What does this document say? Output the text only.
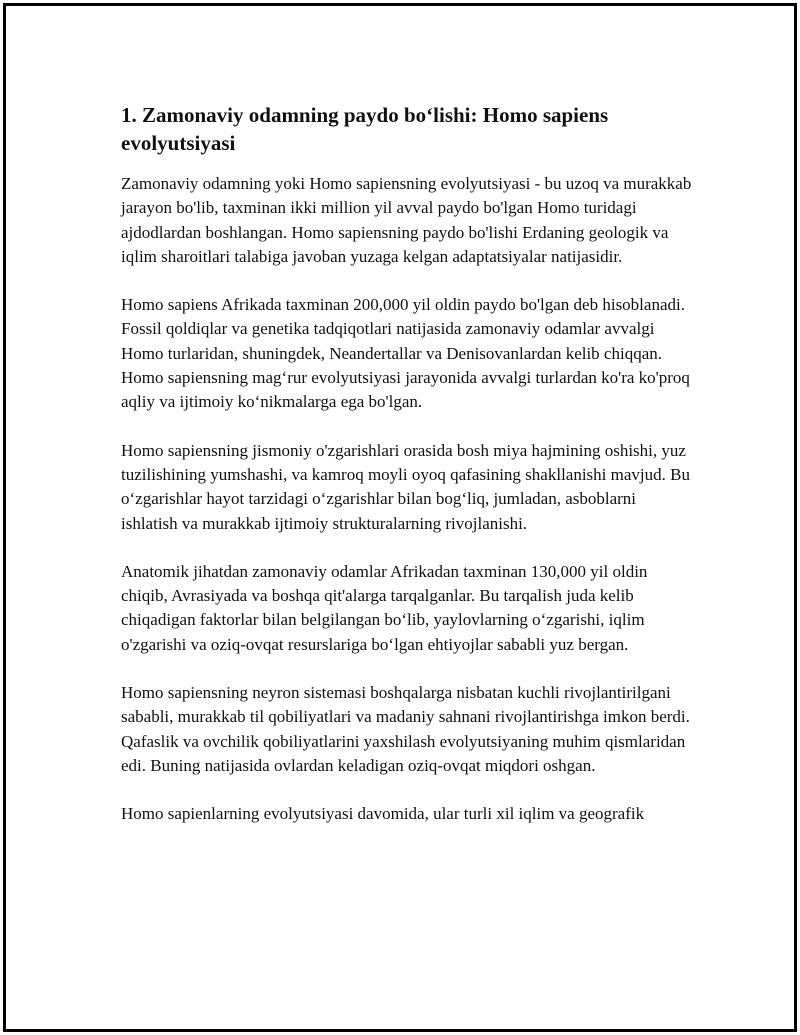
1. Zamonaviy odamning paydo bo‘lishi: Homo sapiens evolyutsiyasi

Zamonaviy odamning yoki Homo sapiensning evolyutsiyasi - bu uzoq va murakkab jarayon bo'lib, taxminan ikki million yil avval paydo bo'lgan Homo turidagi ajdodlardan boshlangan. Homo sapiensning paydo bo'lishi Erdaning geologik va iqlim sharoitlari talabiga javoban yuzaga kelgan adaptatsiyalar natijasidir.

Homo sapiens Afrikada taxminan 200,000 yil oldin paydo bo'lgan deb hisoblanadi. Fossil qoldiqlar va genetika tadqiqotlari natijasida zamonaviy odamlar avvalgi Homo turlaridan, shuningdek, Neandertallar va Denisovanlardan kelib chiqqan. Homo sapiensning mag‘rur evolyutsiyasi jarayonida avvalgi turlardan ko'ra ko'proq aqliy va ijtimoiy ko‘nikmalarga ega bo'lgan.

Homo sapiensning jismoniy o'zgarishlari orasida bosh miya hajmining oshishi, yuz tuzilishining yumshashi, va kamroq moyli oyoq qafasining shakllanishi mavjud. Bu o‘zgarishlar hayot tarzidagi o‘zgarishlar bilan bog‘liq, jumladan, asboblarni ishlatish va murakkab ijtimoiy strukturalarning rivojlanishi.

Anatomik jihatdan zamonaviy odamlar Afrikadan taxminan 130,000 yil oldin chiqib, Avrasiyada va boshqa qit'alarga tarqalganlar. Bu tarqalish juda kelib chiqadigan faktorlar bilan belgilangan bo‘lib, yaylovlarning o‘zgarishi, iqlim o'zgarishi va oziq-ovqat resurslariga bo‘lgan ehtiyojlar sababli yuz bergan.

Homo sapiensning neyron sistemasi boshqalarga nisbatan kuchli rivojlantirilgani sababli, murakkab til qobiliyatlari va madaniy sahnani rivojlantirishga imkon berdi. Qafaslik va ovchilik qobiliyatlarini yaxshilash evolyutsiyaning muhim qismlaridan edi. Buning natijasida ovlardan keladigan oziq-ovqat miqdori oshgan.

Homo sapienlarning evolyutsiyasi davomida, ular turli xil iqlim va geografik
